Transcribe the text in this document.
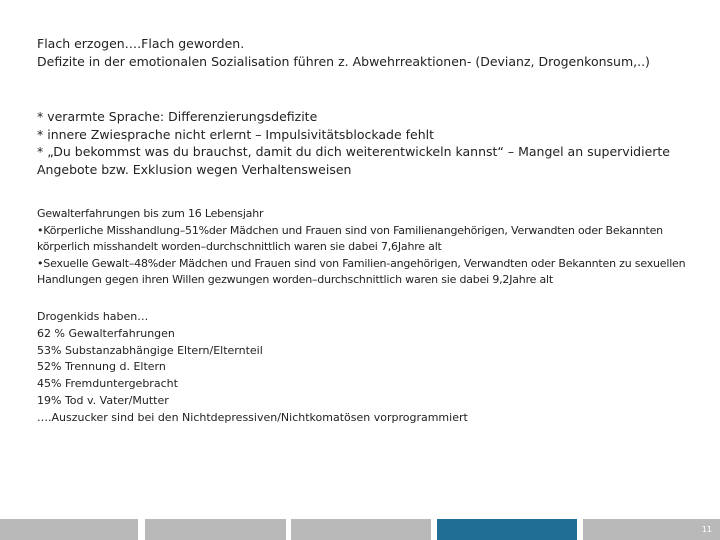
Flach erzogen….Flach geworden.

Defizite in der emotionalen Sozialisation führen z. Abwehrreaktionen- (Devianz, Drogenkonsum,..)

* verarmte Sprache: Differenzierungsdefizite

* innere Zwiesprache nicht erlernt – Impulsivitätsblockade fehlt

* „Du bekommst was du brauchst, damit du dich weiterentwickeln kannst“ – Mangel an supervidierte Angebote bzw. Exklusion wegen Verhaltensweisen

Gewalterfahrungen bis zum 16 Lebensjahr

•Körperliche Misshandlung–51%der Mädchen und Frauen sind von Familienangehörigen, Verwandten oder Bekannten körperlich misshandelt worden–durchschnittlich waren sie dabei 7,6Jahre alt

•Sexuelle Gewalt–48%der Mädchen und Frauen sind von Familien-angehörigen, Verwandten oder Bekannten zu sexuellen Handlungen gegen ihren Willen gezwungen worden–durchschnittlich waren sie dabei 9,2Jahre alt

Drogenkids haben…

62 % Gewalterfahrungen

53% Substanzabhängige Eltern/Elternteil

52% Trennung d. Eltern

45% Fremduntergebracht

19% Tod v. Vater/Mutter

….Auszucker sind bei den Nichtdepressiven/Nichtkomatösen vorprogrammiert

11
